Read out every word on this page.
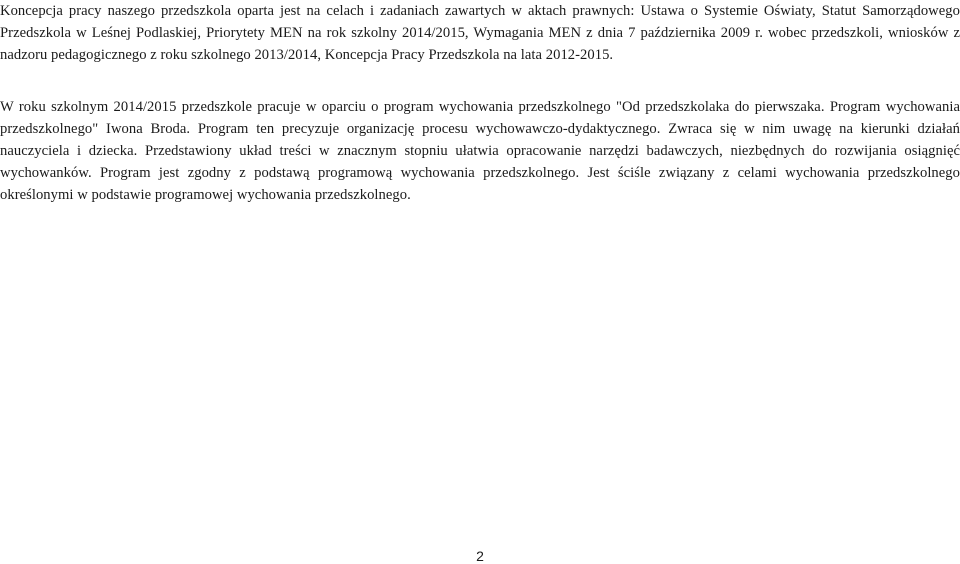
Koncepcja pracy naszego przedszkola oparta jest na celach i zadaniach zawartych w aktach prawnych: Ustawa o Systemie Oświaty, Statut Samorządowego
Przedszkola w Leśnej Podlaskiej, Priorytety MEN na rok szkolny 2014/2015, Wymagania MEN z dnia 7 października 2009 r. wobec przedszkoli, wniosków z
nadzoru pedagogicznego z roku szkolnego 2013/2014, Koncepcja Pracy Przedszkola na lata 2012-2015.
W roku szkolnym 2014/2015 przedszkole pracuje w oparciu o program wychowania przedszkolnego "Od przedszkolaka do pierwszaka. Program wychowania
przedszkolnego" Iwona Broda. Program ten precyzuje organizację procesu wychowawczo-dydaktycznego. Zwraca się w nim uwagę na kierunki działań
nauczyciela i dziecka. Przedstawiony układ treści w znacznym stopniu ułatwia opracowanie narzędzi badawczych, niezbędnych do rozwijania osiągnięć
wychowanków. Program jest zgodny z podstawą programową wychowania przedszkolnego. Jest ściśle związany z celami wychowania przedszkolnego
określonymi w podstawie programowej wychowania przedszkolnego.
2
